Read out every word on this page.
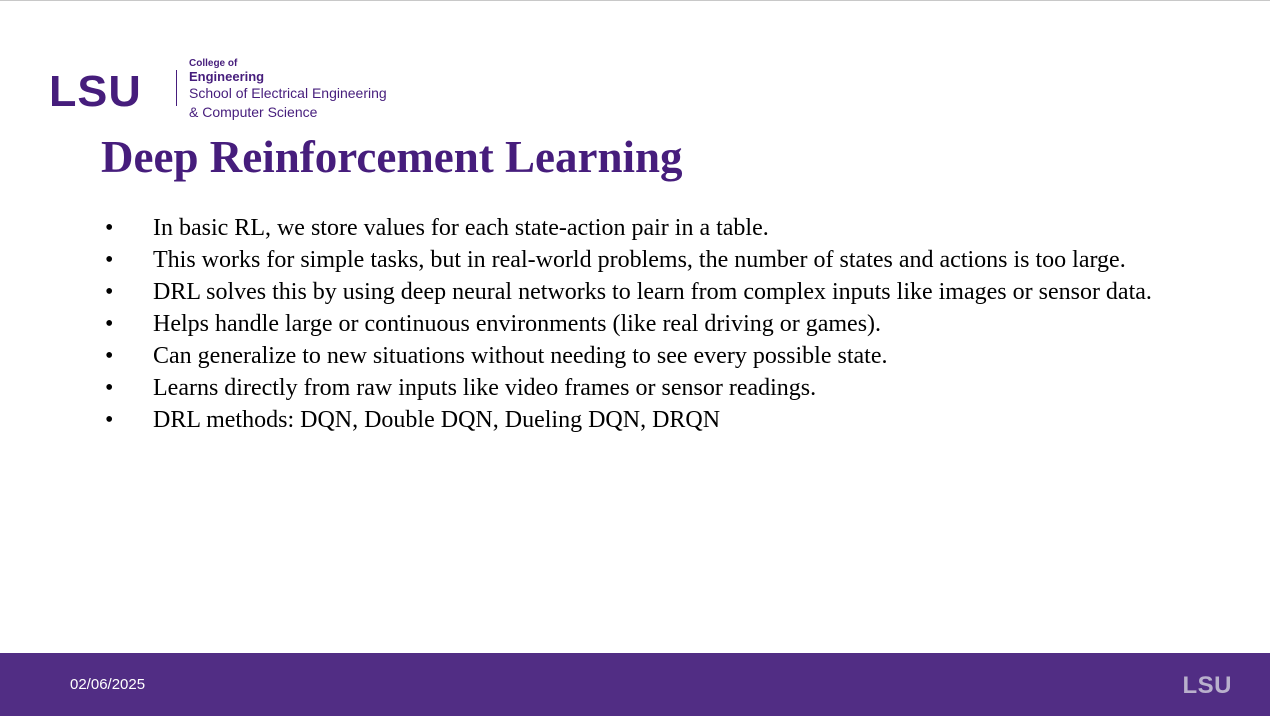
LSU
College of
Engineering
School of Electrical Engineering
& Computer Science
Deep Reinforcement Learning
•	In basic RL, we store values for each state-action pair in a table.
•	This works for simple tasks, but in real-world problems, the number of states and actions is too large.
•	DRL solves this by using deep neural networks to learn from complex inputs like images or sensor data.
•	Helps handle large or continuous environments (like real driving or games).
•	Can generalize to new situations without needing to see every possible state.
•	Learns directly from raw inputs like video frames or sensor readings.
•	DRL methods: DQN, Double DQN, Dueling DQN, DRQN
02/06/2025	LSU
